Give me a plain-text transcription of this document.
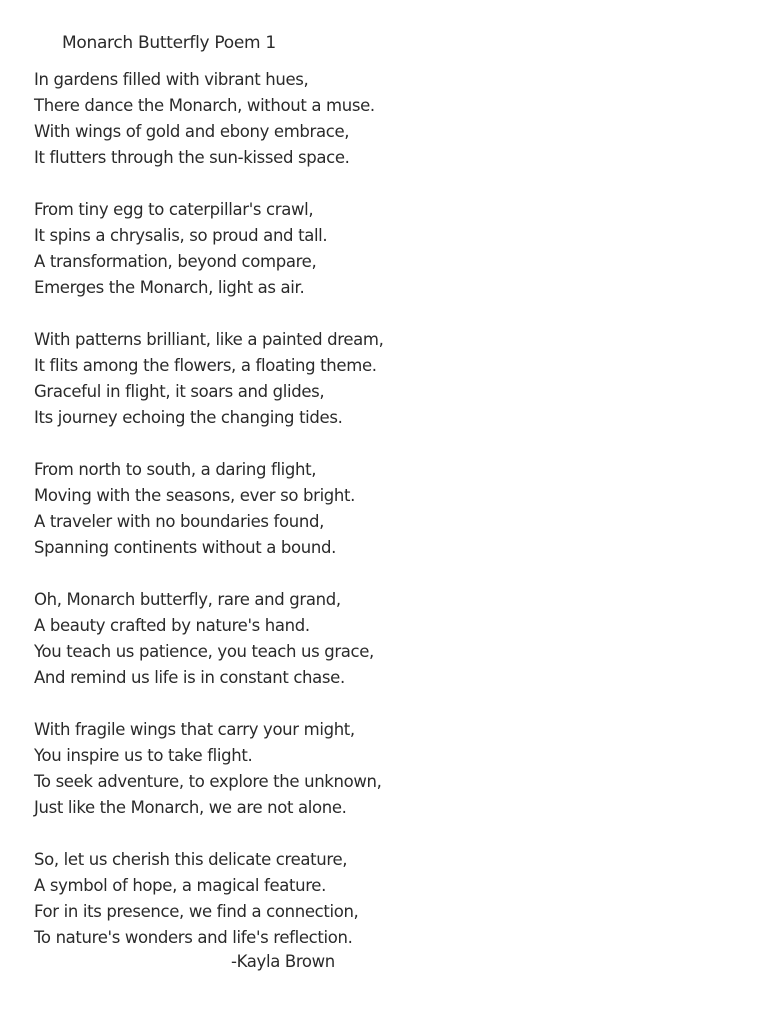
Monarch Butterfly Poem 1
In gardens filled with vibrant hues,
There dance the Monarch, without a muse.
With wings of gold and ebony embrace,
It flutters through the sun-kissed space.
From tiny egg to caterpillar's crawl,
It spins a chrysalis, so proud and tall.
A transformation, beyond compare,
Emerges the Monarch, light as air.
With patterns brilliant, like a painted dream,
It flits among the flowers, a floating theme.
Graceful in flight, it soars and glides,
Its journey echoing the changing tides.
From north to south, a daring flight,
Moving with the seasons, ever so bright.
A traveler with no boundaries found,
Spanning continents without a bound.
Oh, Monarch butterfly, rare and grand,
A beauty crafted by nature's hand.
You teach us patience, you teach us grace,
And remind us life is in constant chase.
With fragile wings that carry your might,
You inspire us to take flight.
To seek adventure, to explore the unknown,
Just like the Monarch, we are not alone.
So, let us cherish this delicate creature,
A symbol of hope, a magical feature.
For in its presence, we find a connection,
To nature's wonders and life's reflection.
-Kayla Brown
